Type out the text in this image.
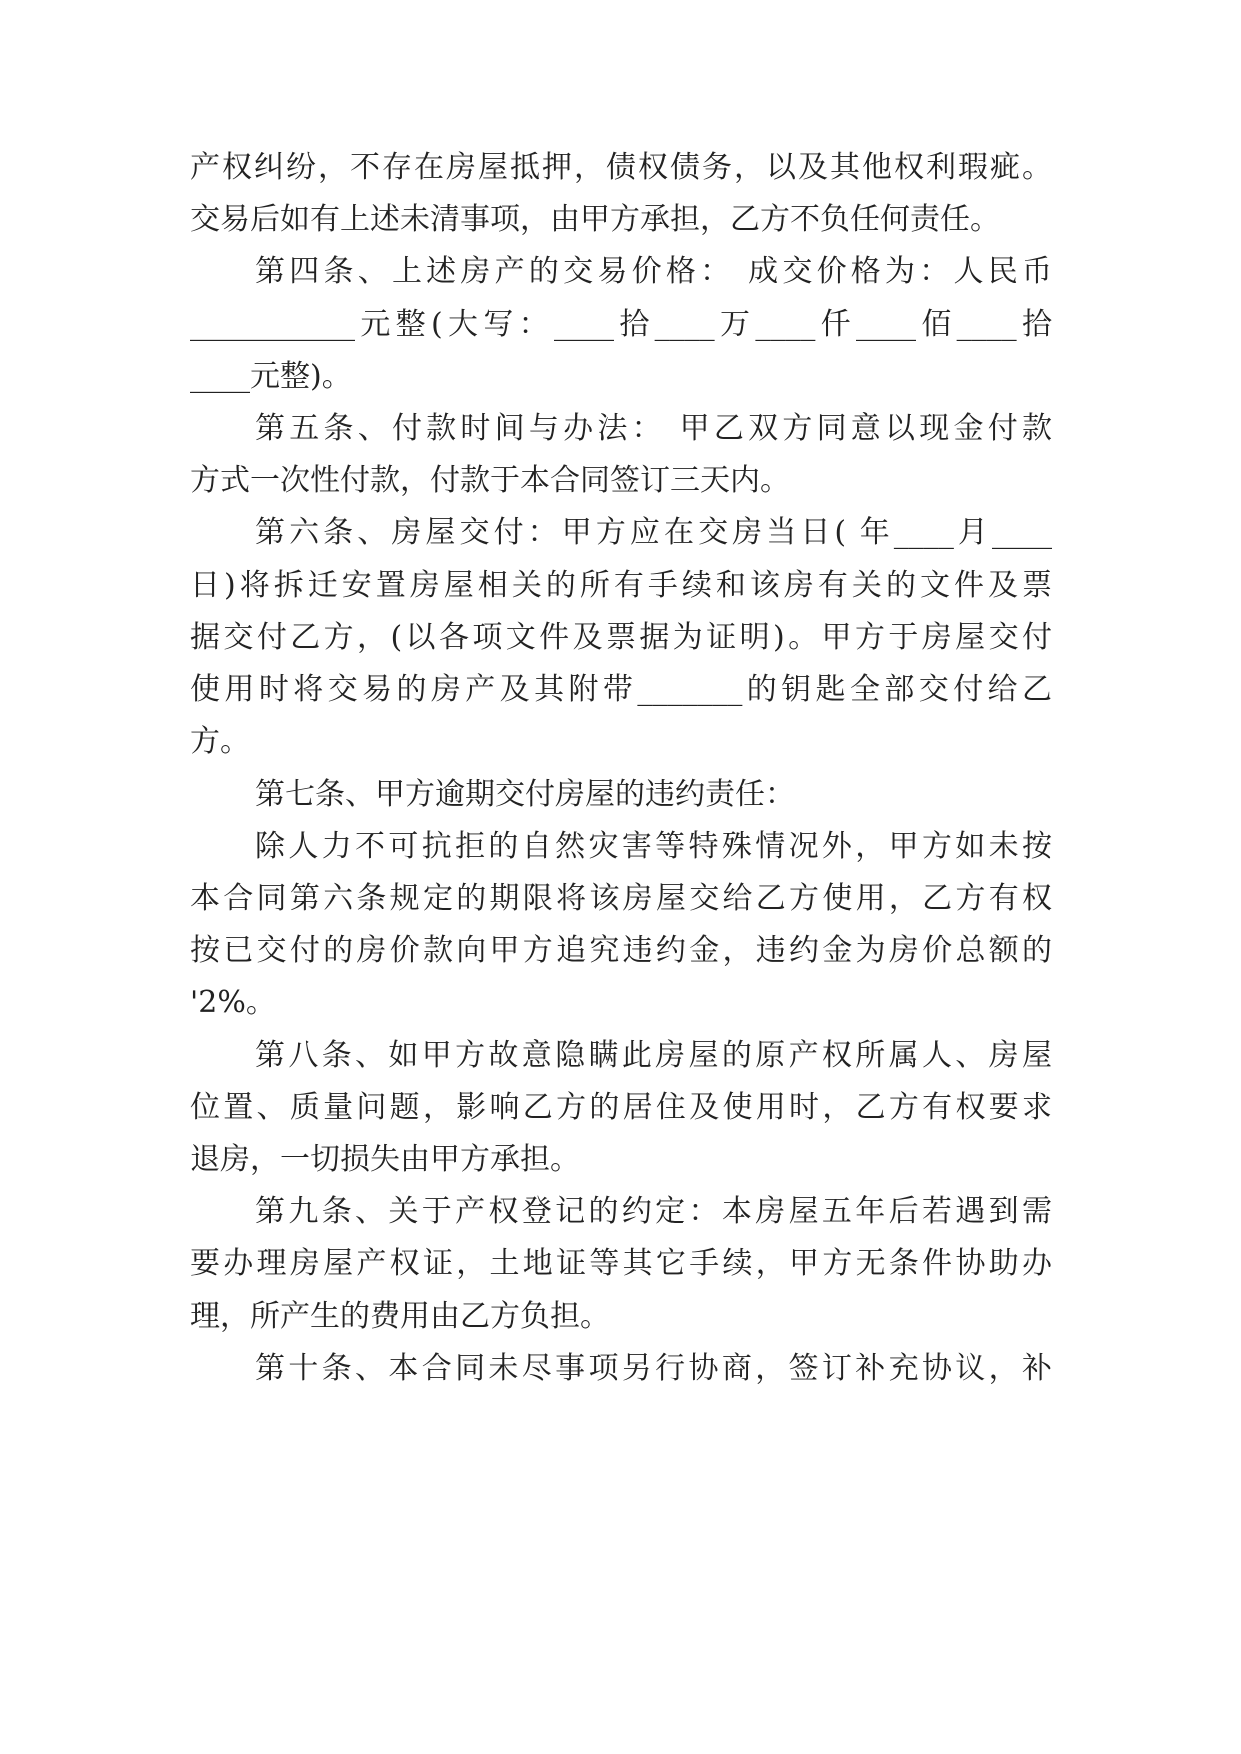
产权纠纷，不存在房屋抵押，债权债务，以及其他权利瑕疵。
交易后如有上述未清事项，由甲方承担，乙方不负任何责任。
第四条、上述房产的交易价格： 成交价格为：人民币
___________元整(大写：____拾____万____仟____佰____拾
____元整)。
第五条、付款时间与办法： 甲乙双方同意以现金付款
方式一次性付款，付款于本合同签订三天内。
第六条、房屋交付：甲方应在交房当日( 年____月____
日)将拆迁安置房屋相关的所有手续和该房有关的文件及票
据交付乙方，(以各项文件及票据为证明)。甲方于房屋交付
使用时将交易的房产及其附带_______的钥匙全部交付给乙
方。
第七条、甲方逾期交付房屋的违约责任：
除人力不可抗拒的自然灾害等特殊情况外，甲方如未按
本合同第六条规定的期限将该房屋交给乙方使用，乙方有权
按已交付的房价款向甲方追究违约金，违约金为房价总额的
'2%。
第八条、如甲方故意隐瞒此房屋的原产权所属人、房屋
位置、质量问题，影响乙方的居住及使用时，乙方有权要求
退房，一切损失由甲方承担。
第九条、关于产权登记的约定：本房屋五年后若遇到需
要办理房屋产权证，土地证等其它手续，甲方无条件协助办
理，所产生的费用由乙方负担。
第十条、本合同未尽事项另行协商，签订补充协议，补
